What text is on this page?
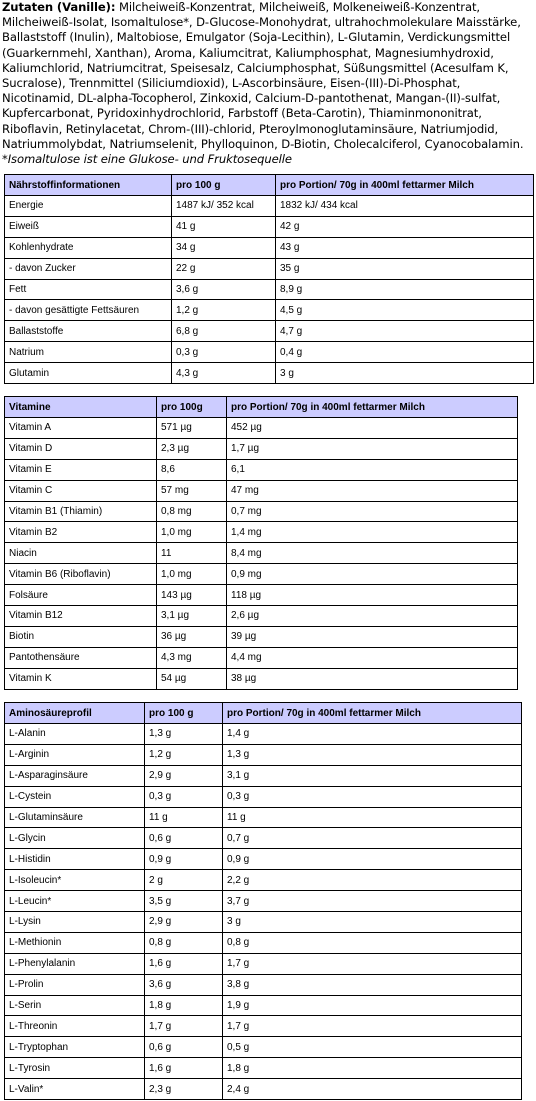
Zutaten (Vanille): Milcheiweiß-Konzentrat, Milcheiweiß, Molkeneiweiß-Konzentrat, Milcheiweiß-Isolat, Isomaltulose*, D-Glucose-Monohydrat, ultrahochmolekulare Maisstärke, Ballaststoff (Inulin), Maltobiose, Emulgator (Soja-Lecithin), L-Glutamin, Verdickungsmittel (Guarkernmehl, Xanthan), Aroma, Kaliumcitrat, Kaliumphosphat, Magnesiumhydroxid, Kaliumchlorid, Natriumcitrat, Speisesalz, Calciumphosphat, Süßungsmittel (Acesulfam K, Sucralose), Trennmittel (Siliciumdioxid), L-Ascorbinsäure, Eisen-(III)-Di-Phosphat, Nicotinamid, DL-alpha-Tocopherol, Zinkoxid, Calcium-D-pantothenat, Mangan-(II)-sulfat, Kupfercarbonat, Pyridoxinhydrochlorid, Farbstoff (Beta-Carotin), Thiaminmononitrat, Riboflavin, Retinylacetat, Chrom-(III)-chlorid, Pteroylmonoglutaminsäure, Natriumjodid, Natriummolybdat, Natriumselenit, Phylloquinon, D-Biotin, Cholecalciferol, Cyanocobalamin.
*Isomaltulose ist eine Glukose- und Fruktosequelle
Nährstoffinformationen	pro 100 g	pro Portion/ 70g in 400ml fettarmer Milch
Energie	1487 kJ/ 352 kcal	1832 kJ/ 434 kcal
Eiweiß	41 g	42 g
Kohlenhydrate	34 g	43 g
- davon Zucker	22 g	35 g
Fett	3,6 g	8,9 g
- davon gesättigte Fettsäuren	1,2 g	4,5 g
Ballaststoffe	6,8 g	4,7 g
Natrium	0,3 g	0,4 g
Glutamin	4,3 g	3 g
Vitamine	pro 100g	pro Portion/ 70g in 400ml fettarmer Milch
Vitamin A	571 µg	452 µg
Vitamin D	2,3 µg	1,7 µg
Vitamin E	8,6	6,1
Vitamin C	57 mg	47 mg
Vitamin B1 (Thiamin)	0,8 mg	0,7 mg
Vitamin B2	1,0 mg	1,4 mg
Niacin	11	8,4 mg
Vitamin B6 (Riboflavin)	1,0 mg	0,9 mg
Folsäure	143 µg	118 µg
Vitamin B12	3,1 µg	2,6 µg
Biotin	36 µg	39 µg
Pantothensäure	4,3 mg	4,4 mg
Vitamin K	54 µg	38 µg
Aminosäureprofil	pro 100 g	pro Portion/ 70g in 400ml fettarmer Milch
L-Alanin	1,3 g	1,4 g
L-Arginin	1,2 g	1,3 g
L-Asparaginsäure	2,9 g	3,1 g
L-Cystein	0,3 g	0,3 g
L-Glutaminsäure	11 g	11 g
L-Glycin	0,6 g	0,7 g
L-Histidin	0,9 g	0,9 g
L-Isoleucin*	2 g	2,2 g
L-Leucin*	3,5 g	3,7 g
L-Lysin	2,9 g	3 g
L-Methionin	0,8 g	0,8 g
L-Phenylalanin	1,6 g	1,7 g
L-Prolin	3,6 g	3,8 g
L-Serin	1,8 g	1,9 g
L-Threonin	1,7 g	1,7 g
L-Tryptophan	0,6 g	0,5 g
L-Tyrosin	1,6 g	1,8 g
L-Valin*	2,3 g	2,4 g
